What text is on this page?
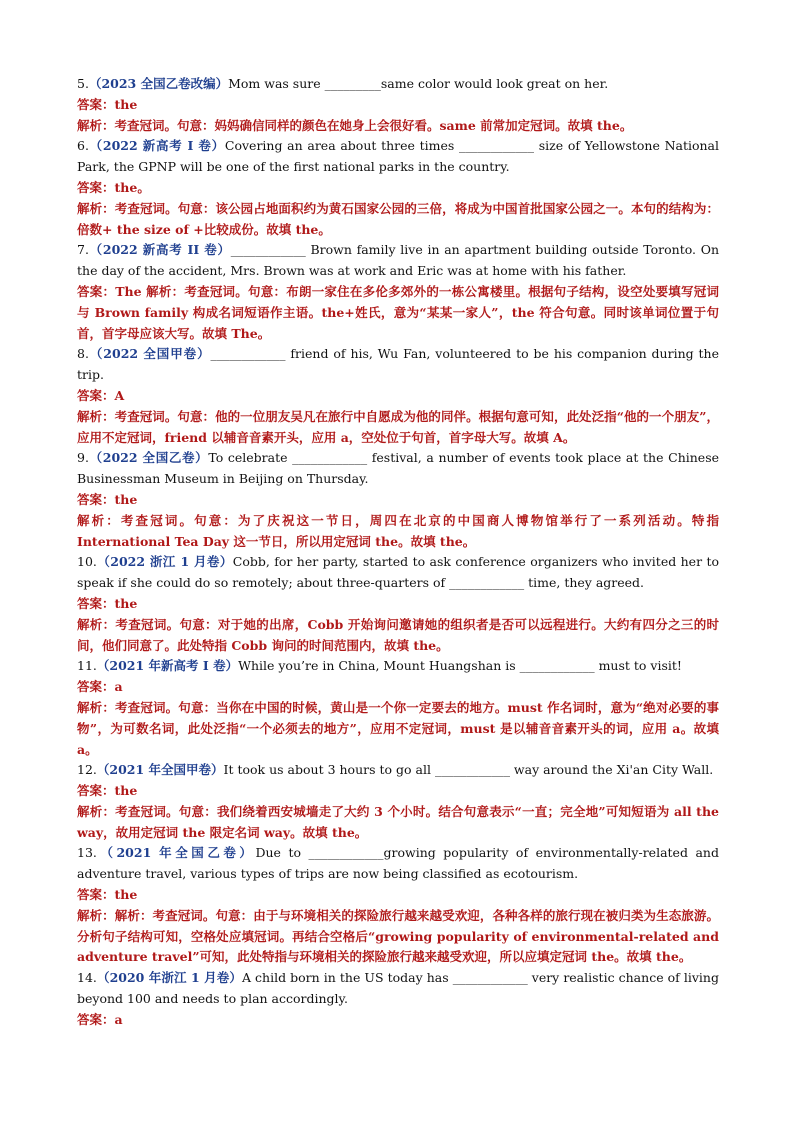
5.（2023 全国乙卷改编）Mom was sure _________same color would look great on her.

答案：the

解析：考查冠词。句意：妈妈确信同样的颜色在她身上会很好看。same 前常加定冠词。故填 the。

6.（2022 新高考 I 卷）Covering an area about three times ____________ size of Yellowstone National Park, the GPNP will be one of the first national parks in the country.

答案：the。

解析：考查冠词。句意：该公园占地面积约为黄石国家公园的三倍，将成为中国首批国家公园之一。本句的结构为：倍数+ the size of +比较成份。故填 the。

7.（2022 新高考 II 卷）____________ Brown family live in an apartment building outside Toronto. On the day of the accident, Mrs. Brown was at work and Eric was at home with his father.

答案：The 解析：考查冠词。句意：布朗一家住在多伦多郊外的一栋公寓楼里。根据句子结构，设空处要填写冠词与 Brown family 构成名词短语作主语。the+姓氏，意为“某某一家人”，the 符合句意。同时该单词位置于句首，首字母应该大写。故填 The。

8.（2022 全国甲卷）____________ friend of his, Wu Fan, volunteered to be his companion during the trip.

答案：A

解析：考查冠词。句意：他的一位朋友吴凡在旅行中自愿成为他的同伴。根据句意可知，此处泛指“他的一个朋友”，应用不定冠词，friend 以辅音音素开头，应用 a，空处位于句首，首字母大写。故填 A。

9.（2022 全国乙卷）To celebrate ____________ festival, a number of events took place at the Chinese Businessman Museum in Beijing on Thursday.

答案：the

解析：考查冠词。句意：为了庆祝这一节日，周四在北京的中国商人博物馆举行了一系列活动。特指 International Tea Day 这一节日，所以用定冠词 the。故填 the。

10.（2022 浙江 1 月卷）Cobb, for her party, started to ask conference organizers who invited her to speak if she could do so remotely; about three-quarters of ____________ time, they agreed.

答案：the

解析：考查冠词。句意：对于她的出席，Cobb 开始询问邀请她的组织者是否可以远程进行。大约有四分之三的时间，他们同意了。此处特指 Cobb 询问的时间范围内，故填 the。

11.（2021 年新高考 I 卷）While you’re in China, Mount Huangshan is ____________ must to visit!

答案：a

解析：考查冠词。句意：当你在中国的时候，黄山是一个你一定要去的地方。must 作名词时，意为“绝对必要的事物”，为可数名词，此处泛指“一个必须去的地方”，应用不定冠词，must 是以辅音音素开头的词，应用 a。故填 a。

12.（2021 年全国甲卷）It took us about 3 hours to go all ____________ way around the Xi'an City Wall.

答案：the

解析：考查冠词。句意：我们绕着西安城墙走了大约 3 个小时。结合句意表示“一直；完全地”可知短语为 all the way，故用定冠词 the 限定名词 way。故填 the。

13.（2021 年全国乙卷）Due to ____________growing popularity of environmentally-related and adventure travel, various types of trips are now being classified as ecotourism.

答案：the

解析：解析：考查冠词。句意：由于与环境相关的探险旅行越来越受欢迎，各种各样的旅行现在被归类为生态旅游。分析句子结构可知，空格处应填冠词。再结合空格后“growing popularity of environmental-related and adventure travel”可知，此处特指与环境相关的探险旅行越来越受欢迎，所以应填定冠词 the。故填 the。

14.（2020 年浙江 1 月卷）A child born in the US today has ____________ very realistic chance of living beyond 100 and needs to plan accordingly.

答案：a
